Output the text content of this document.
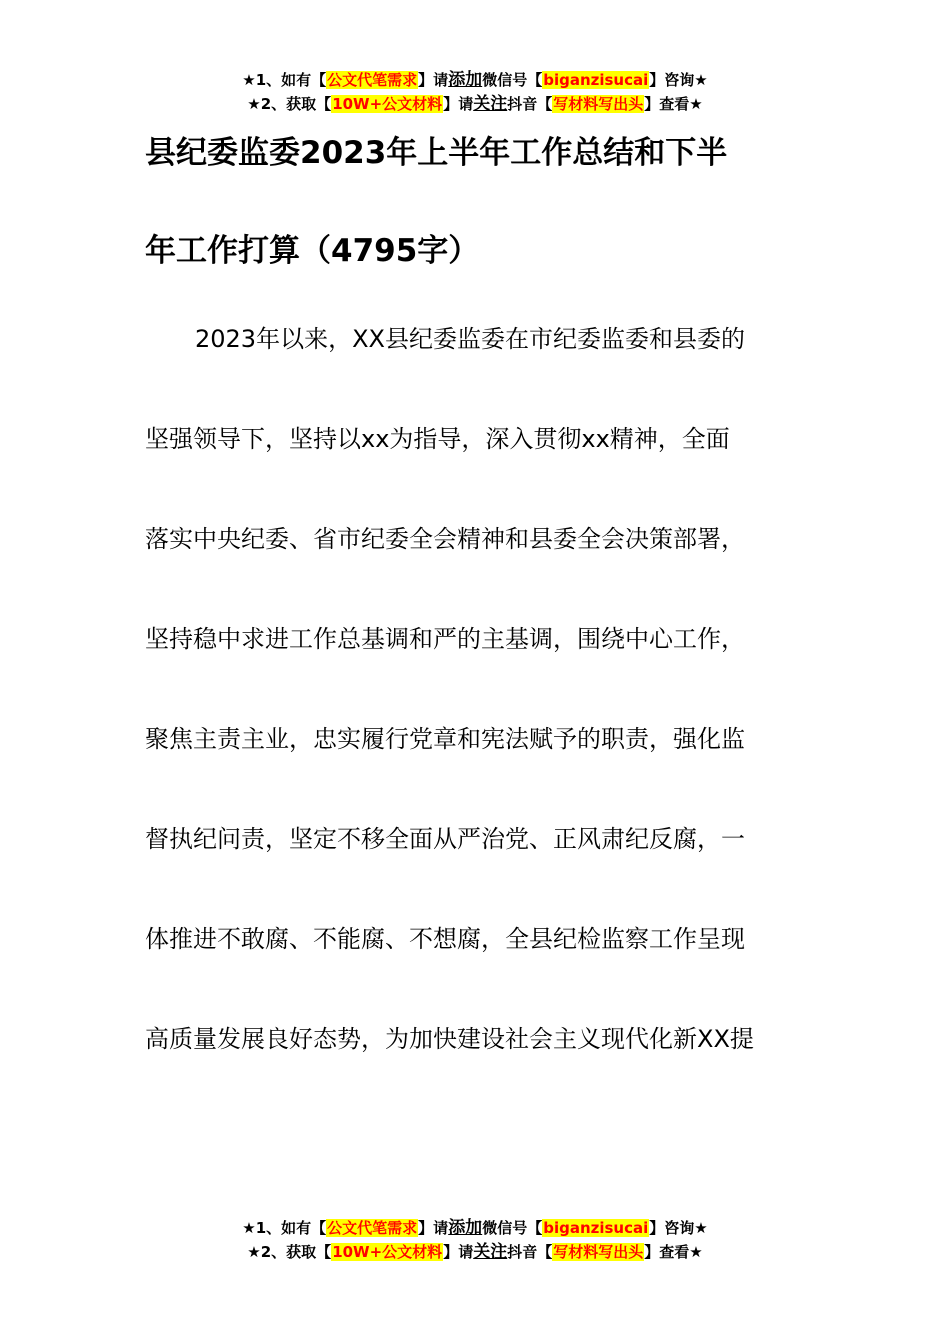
★1、如有【公文代笔需求】请添加微信号【biganzisucai】咨询★
★2、获取【10W+公文材料】请关注抖音【写材料写出头】查看★
县纪委监委2023年上半年工作总结和下半
年工作打算（4795字）
2023年以来，XX县纪委监委在市纪委监委和县委的
坚强领导下，坚持以xx为指导，深入贯彻xx精神，全面
落实中央纪委、省市纪委全会精神和县委全会决策部署，
坚持稳中求进工作总基调和严的主基调，围绕中心工作，
聚焦主责主业，忠实履行党章和宪法赋予的职责，强化监
督执纪问责，坚定不移全面从严治党、正风肃纪反腐，一
体推进不敢腐、不能腐、不想腐，全县纪检监察工作呈现
高质量发展良好态势，为加快建设社会主义现代化新XX提
★1、如有【公文代笔需求】请添加微信号【biganzisucai】咨询★
★2、获取【10W+公文材料】请关注抖音【写材料写出头】查看★
